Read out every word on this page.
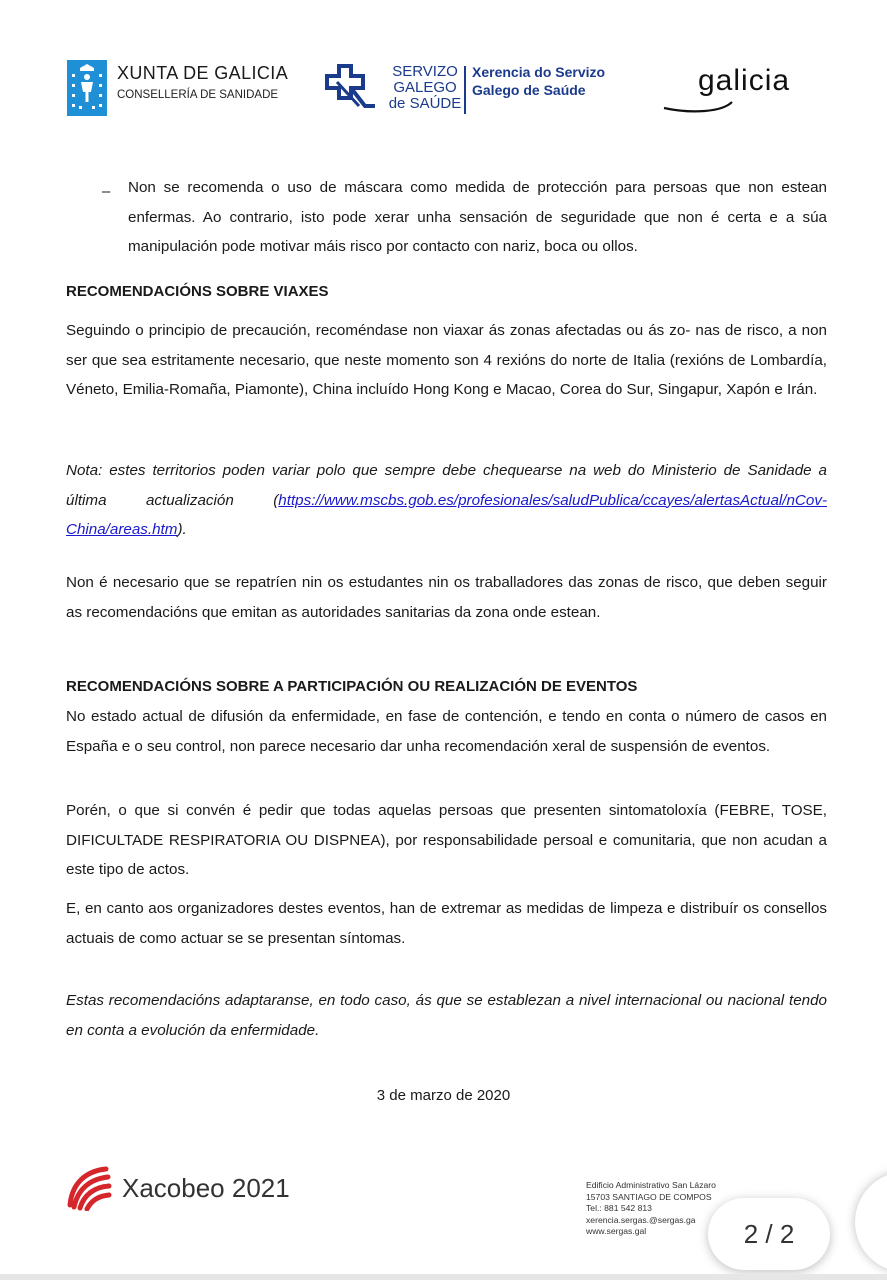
XUNTA DE GALICIA
CONSELLERÍA DE SANIDADE
SERVIZO
GALEGO
de SAÚDE
Xerencia do Servizo
Galego de Saúde	galicia
– Non se recomenda o uso de máscara como medida de protección para persoas que non estean enfermas. Ao contrario, isto pode xerar unha sensación de seguridade que non é certa e a súa manipulación pode motivar máis risco por contacto con nariz, boca ou ollos.
RECOMENDACIÓNS SOBRE VIAXES
Seguindo o principio de precaución, recoméndase non viaxar ás zonas afectadas ou ás zo- nas de risco, a non ser que sea estritamente necesario, que neste momento son 4 rexións do norte de Italia (rexións de Lombardía, Véneto, Emilia-Romaña, Piamonte), China incluído Hong Kong e Macao, Corea do Sur, Singapur, Xapón e Irán.
Nota: estes territorios poden variar polo que sempre debe chequearse na web do Ministerio de Sanidade a última actualización (https://www.mscbs.gob.es/profesionales/saludPublica/ccayes/alertasActual/nCov- China/areas.htm).
Non é necesario que se repatríen nin os estudantes nin os traballadores das zonas de risco, que deben seguir as recomendacións que emitan as autoridades sanitarias da zona onde estean.
RECOMENDACIÓNS SOBRE A PARTICIPACIÓN OU REALIZACIÓN DE EVENTOS
No estado actual de difusión da enfermidade, en fase de contención, e tendo en conta o número de casos en España e o seu control, non parece necesario dar unha recomendación xeral de suspensión de eventos.
Porén, o que si convén é pedir que todas aquelas persoas que presenten sintomatoloxía (FEBRE, TOSE, DIFICULTADE RESPIRATORIA OU DISPNEA), por responsabilidade persoal e comunitaria, que non acudan a este tipo de actos.
E, en canto aos organizadores destes eventos, han de extremar as medidas de limpeza e distribuír os consellos actuais de como actuar se se presentan síntomas.
Estas recomendacións adaptaranse, en todo caso, ás que se establezan a nivel internacional ou nacional tendo en conta a evolución da enfermidade.
3 de marzo de 2020
Xacobeo 2021	Edificio Administrativo San Lázaro
15703 SANTIAGO DE COMPOS
Tel.: 881 542 813
xerencia.sergas.@sergas.ga
www.sergas.gal	2 / 2
